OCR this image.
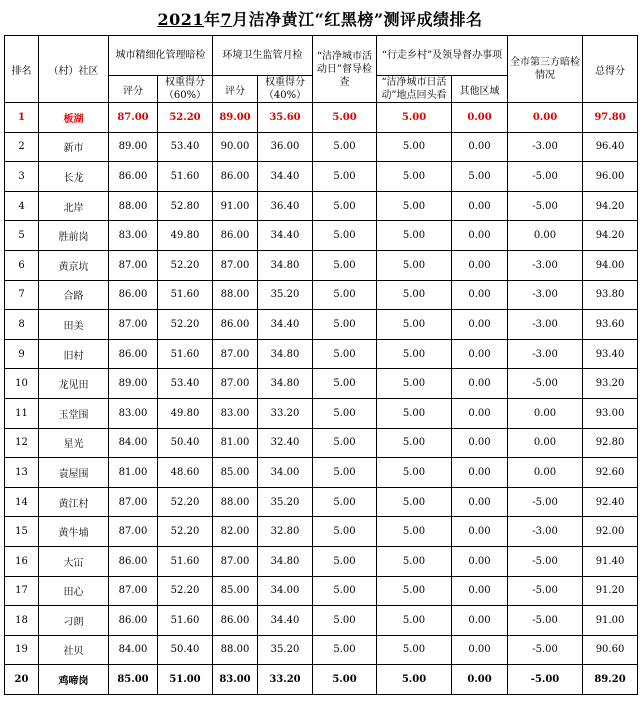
2021年7月洁净黄江“红黑榜”测评成绩排名
排名	（村）社区	城市精细化管理暗检		环境卫生监管月检		“洁净城市活动日”督导检查	“行走乡村”及领导督办事项		全市第三方暗检情况	总得分
		评分	权重得分（60%）	评分	权重得分（40%）		“洁净城市日活动”地点回头看	其他区域		
1	板湖	87.00	52.20	89.00	35.60	5.00	5.00	0.00	0.00	97.80
2	新市	89.00	53.40	90.00	36.00	5.00	5.00	0.00	-3.00	96.40
3	长龙	86.00	51.60	86.00	34.40	5.00	5.00	5.00	-5.00	96.00
4	北岸	88.00	52.80	91.00	36.40	5.00	5.00	0.00	-5.00	94.20
5	胜前岗	83.00	49.80	86.00	34.40	5.00	5.00	0.00	0.00	94.20
6	黄京坑	87.00	52.20	87.00	34.80	5.00	5.00	0.00	-3.00	94.00
7	合路	86.00	51.60	88.00	35.20	5.00	5.00	0.00	-3.00	93.80
8	田美	87.00	52.20	86.00	34.40	5.00	5.00	0.00	-3.00	93.60
9	旧村	86.00	51.60	87.00	34.80	5.00	5.00	0.00	-3.00	93.40
10	龙见田	89.00	53.40	87.00	34.80	5.00	5.00	0.00	-5.00	93.20
11	玉堂围	83.00	49.80	83.00	33.20	5.00	5.00	0.00	0.00	93.00
12	星光	84.00	50.40	81.00	32.40	5.00	5.00	0.00	0.00	92.80
13	袁屋围	81.00	48.60	85.00	34.00	5.00	5.00	0.00	0.00	92.60
14	黄江村	87.00	52.20	88.00	35.20	5.00	5.00	0.00	-5.00	92.40
15	黄牛埔	87.00	52.20	82.00	32.80	5.00	5.00	0.00	-3.00	92.00
16	大冚	86.00	51.60	87.00	34.80	5.00	5.00	0.00	-5.00	91.40
17	田心	87.00	52.20	85.00	34.00	5.00	5.00	0.00	-5.00	91.20
18	刁朗	86.00	51.60	86.00	34.40	5.00	5.00	0.00	-5.00	91.00
19	社贝	84.00	50.40	88.00	35.20	5.00	5.00	0.00	-5.00	90.60
20	鸡啼岗	85.00	51.00	83.00	33.20	5.00	5.00	0.00	-5.00	89.20
